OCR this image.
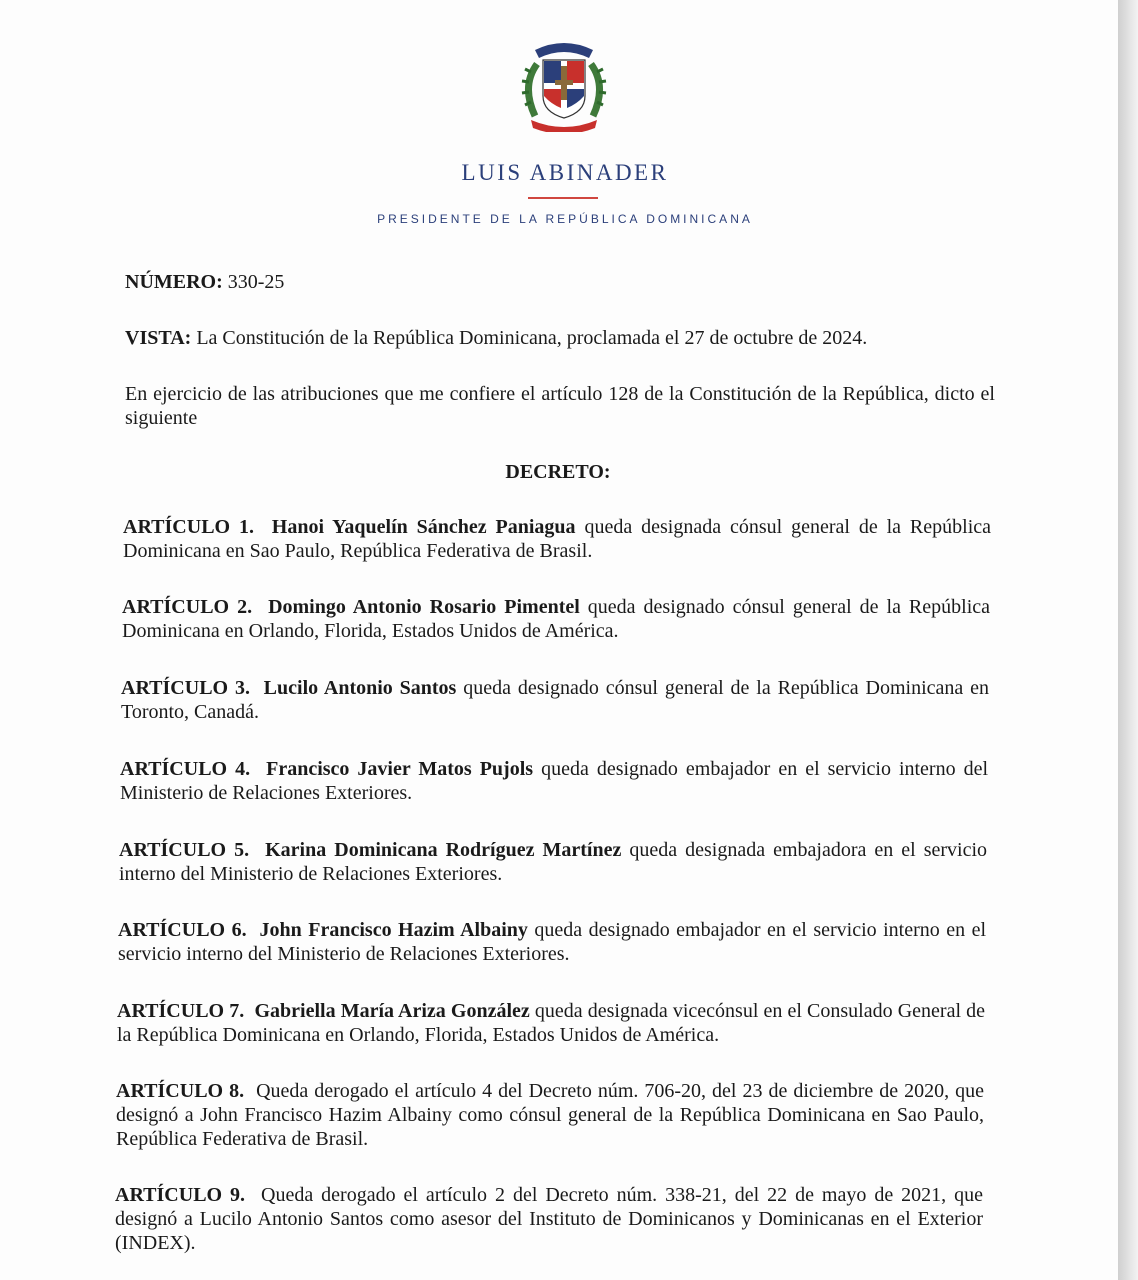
LUIS ABINADER
PRESIDENTE DE LA REPÚBLICA DOMINICANA
NÚMERO: 330-25
VISTA: La Constitución de la República Dominicana, proclamada el 27 de octubre de 2024.
En ejercicio de las atribuciones que me confiere el artículo 128 de la Constitución de la República, dicto el siguiente
DECRETO:
ARTÍCULO 1. Hanoi Yaquelín Sánchez Paniagua queda designada cónsul general de la República Dominicana en Sao Paulo, República Federativa de Brasil.
ARTÍCULO 2. Domingo Antonio Rosario Pimentel queda designado cónsul general de la República Dominicana en Orlando, Florida, Estados Unidos de América.
ARTÍCULO 3. Lucilo Antonio Santos queda designado cónsul general de la República Dominicana en Toronto, Canadá.
ARTÍCULO 4. Francisco Javier Matos Pujols queda designado embajador en el servicio interno del Ministerio de Relaciones Exteriores.
ARTÍCULO 5. Karina Dominicana Rodríguez Martínez queda designada embajadora en el servicio interno del Ministerio de Relaciones Exteriores.
ARTÍCULO 6. John Francisco Hazim Albainy queda designado embajador en el servicio interno en el servicio interno del Ministerio de Relaciones Exteriores.
ARTÍCULO 7. Gabriella María Ariza González queda designada vicecónsul en el Consulado General de la República Dominicana en Orlando, Florida, Estados Unidos de América.
ARTÍCULO 8. Queda derogado el artículo 4 del Decreto núm. 706-20, del 23 de diciembre de 2020, que designó a John Francisco Hazim Albainy como cónsul general de la República Dominicana en Sao Paulo, República Federativa de Brasil.
ARTÍCULO 9. Queda derogado el artículo 2 del Decreto núm. 338-21, del 22 de mayo de 2021, que designó a Lucilo Antonio Santos como asesor del Instituto de Dominicanos y Dominicanas en el Exterior (INDEX).
